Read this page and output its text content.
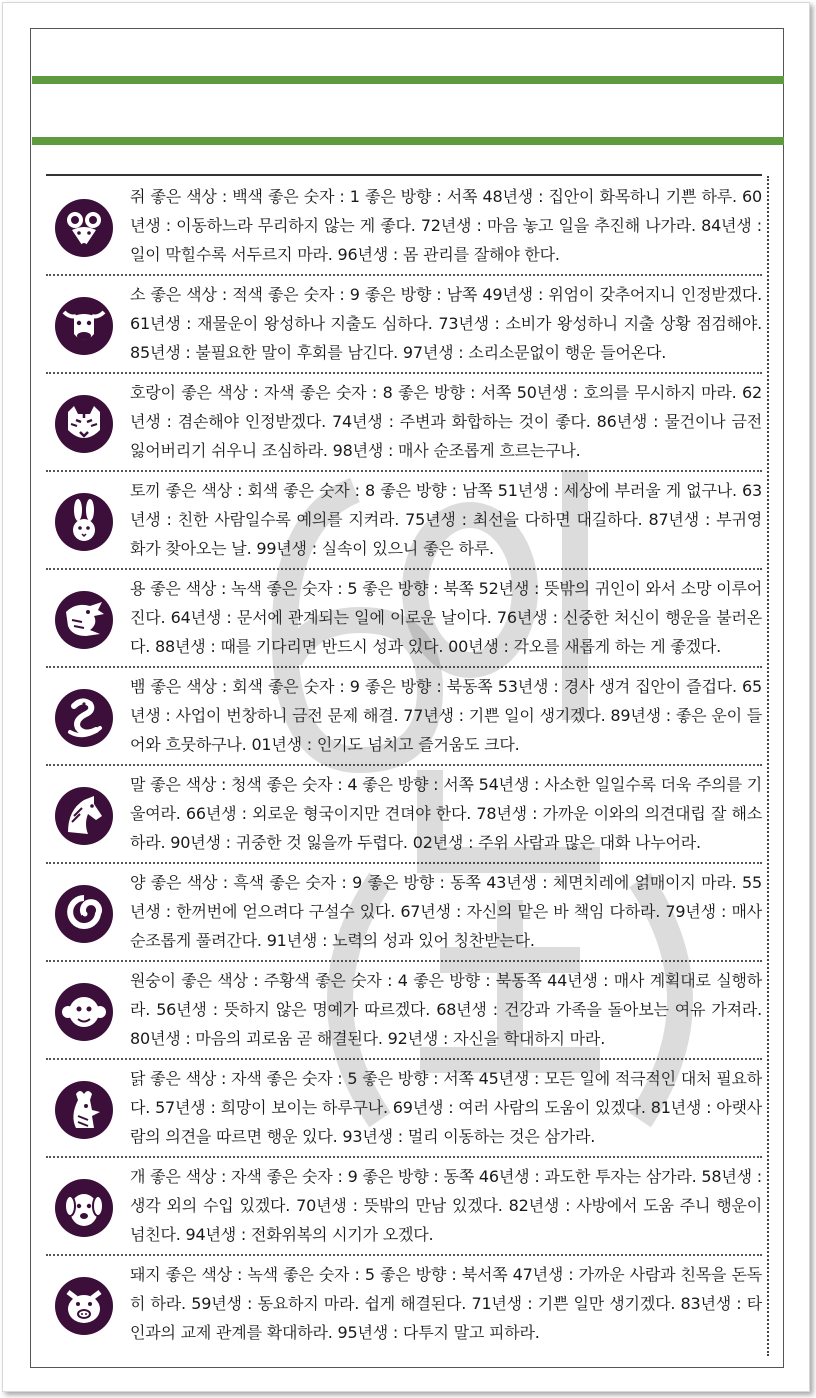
쥐 좋은 색상 : 백색 좋은 숫자 : 1 좋은 방향 : 서쪽 48년생 : 집안이 화목하니 기쁜 하루. 60년생 : 이동하느라 무리하지 않는 게 좋다. 72년생 : 마음 놓고 일을 추진해 나가라. 84년생 : 일이 막힐수록 서두르지 마라. 96년생 : 몸 관리를 잘해야 한다.
소 좋은 색상 : 적색 좋은 숫자 : 9 좋은 방향 : 남쪽 49년생 : 위엄이 갖추어지니 인정받겠다. 61년생 : 재물운이 왕성하나 지출도 심하다. 73년생 : 소비가 왕성하니 지출 상황 점검해야. 85년생 : 불필요한 말이 후회를 남긴다. 97년생 : 소리소문없이 행운 들어온다.
호랑이 좋은 색상 : 자색 좋은 숫자 : 8 좋은 방향 : 서쪽 50년생 : 호의를 무시하지 마라. 62년생 : 겸손해야 인정받겠다. 74년생 : 주변과 화합하는 것이 좋다. 86년생 : 물건이나 금전 잃어버리기 쉬우니 조심하라. 98년생 : 매사 순조롭게 흐르는구나.
토끼 좋은 색상 : 회색 좋은 숫자 : 8 좋은 방향 : 남쪽 51년생 : 세상에 부러울 게 없구나. 63년생 : 친한 사람일수록 예의를 지켜라. 75년생 : 최선을 다하면 대길하다. 87년생 : 부귀영화가 찾아오는 날. 99년생 : 실속이 있으니 좋은 하루.
용 좋은 색상 : 녹색 좋은 숫자 : 5 좋은 방향 : 북쪽 52년생 : 뜻밖의 귀인이 와서 소망 이루어진다. 64년생 : 문서에 관계되는 일에 이로운 날이다. 76년생 : 신중한 처신이 행운을 불러온다. 88년생 : 때를 기다리면 반드시 성과 있다. 00년생 : 각오를 새롭게 하는 게 좋겠다.
뱀 좋은 색상 : 회색 좋은 숫자 : 9 좋은 방향 : 북동쪽 53년생 : 경사 생겨 집안이 즐겁다. 65년생 : 사업이 번창하니 금전 문제 해결. 77년생 : 기쁜 일이 생기겠다. 89년생 : 좋은 운이 들어와 흐뭇하구나. 01년생 : 인기도 넘치고 즐거움도 크다.
말 좋은 색상 : 청색 좋은 숫자 : 4 좋은 방향 : 서쪽 54년생 : 사소한 일일수록 더욱 주의를 기울여라. 66년생 : 외로운 형국이지만 견뎌야 한다. 78년생 : 가까운 이와의 의견대립 잘 해소하라. 90년생 : 귀중한 것 잃을까 두렵다. 02년생 : 주위 사람과 많은 대화 나누어라.
양 좋은 색상 : 흑색 좋은 숫자 : 9 좋은 방향 : 동쪽 43년생 : 체면치레에 얽매이지 마라. 55년생 : 한꺼번에 얻으려다 구설수 있다. 67년생 : 자신의 맡은 바 책임 다하라. 79년생 : 매사 순조롭게 풀려간다. 91년생 : 노력의 성과 있어 칭찬받는다.
원숭이 좋은 색상 : 주황색 좋은 숫자 : 4 좋은 방향 : 북동쪽 44년생 : 매사 계획대로 실행하라. 56년생 : 뜻하지 않은 명예가 따르겠다. 68년생 : 건강과 가족을 돌아보는 여유 가져라. 80년생 : 마음의 괴로움 곧 해결된다. 92년생 : 자신을 학대하지 마라.
닭 좋은 색상 : 자색 좋은 숫자 : 5 좋은 방향 : 서쪽 45년생 : 모든 일에 적극적인 대처 필요하다. 57년생 : 희망이 보이는 하루구나. 69년생 : 여러 사람의 도움이 있겠다. 81년생 : 아랫사람의 의견을 따르면 행운 있다. 93년생 : 멀리 이동하는 것은 삼가라.
개 좋은 색상 : 자색 좋은 숫자 : 9 좋은 방향 : 동쪽 46년생 : 과도한 투자는 삼가라. 58년생 : 생각 외의 수입 있겠다. 70년생 : 뜻밖의 만남 있겠다. 82년생 : 사방에서 도움 주니 행운이 넘친다. 94년생 : 전화위복의 시기가 오겠다.
돼지 좋은 색상 : 녹색 좋은 숫자 : 5 좋은 방향 : 북서쪽 47년생 : 가까운 사람과 친목을 돈독히 하라. 59년생 : 동요하지 마라. 쉽게 해결된다. 71년생 : 기쁜 일만 생기겠다. 83년생 : 타인과의 교제 관계를 확대하라. 95년생 : 다투지 말고 피하라.
